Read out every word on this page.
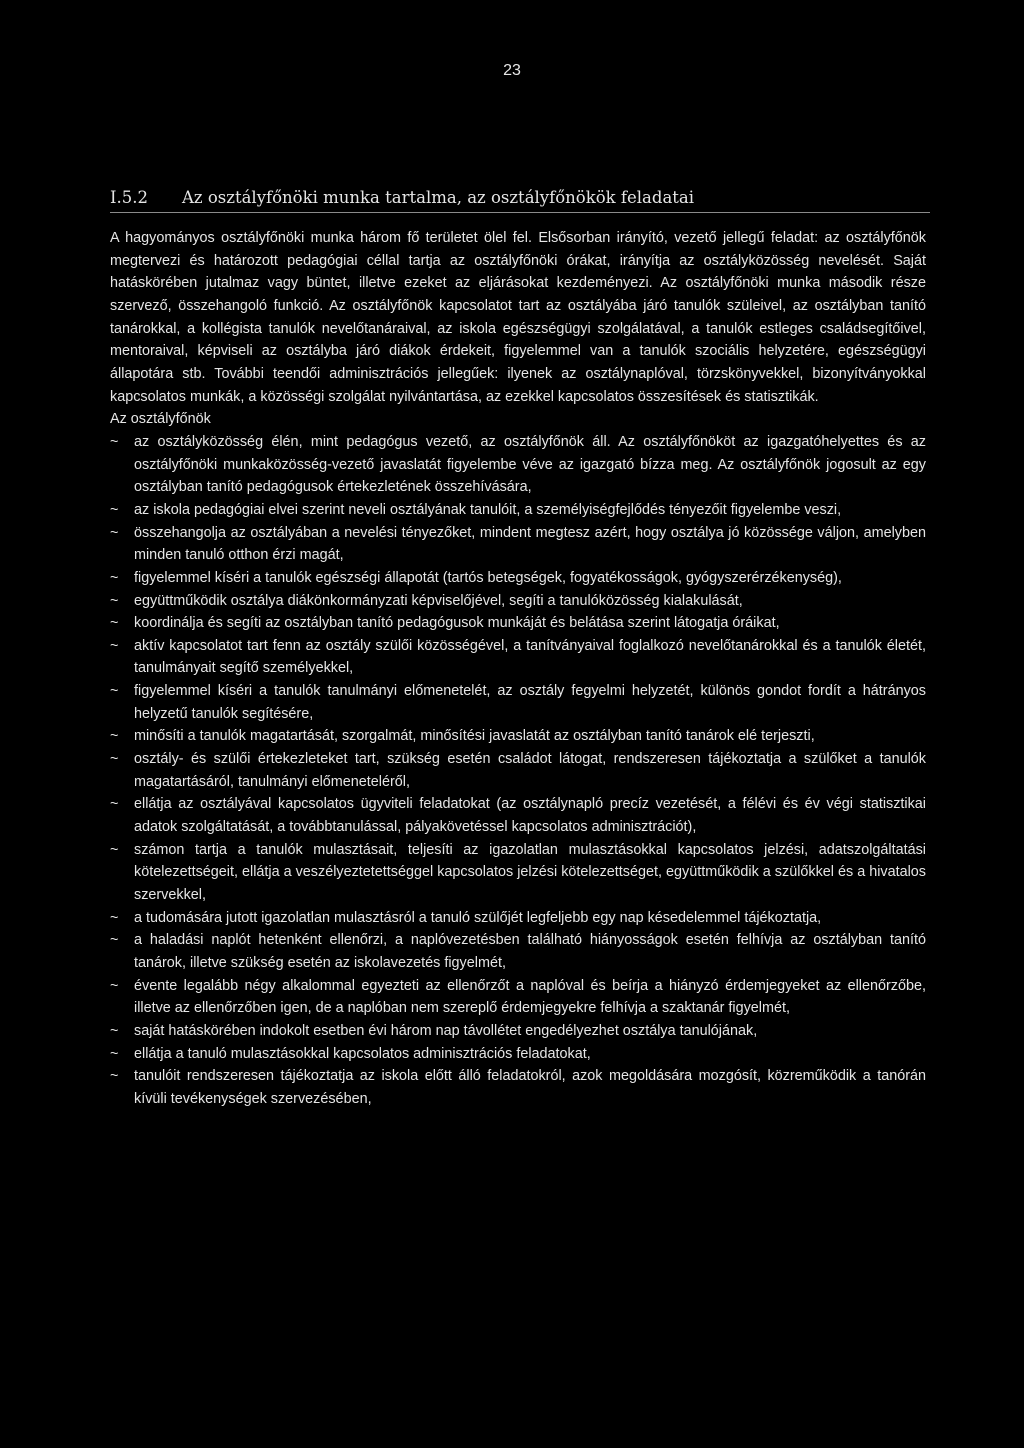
23
I.5.2 Az osztályfőnöki munka tartalma, az osztályfőnökök feladatai

A hagyományos osztályfőnöki munka három fő területet ölel fel. Elsősorban irányító, vezető jellegű feladat: az osztályfőnök megtervezi és határozott pedagógiai céllal tartja az osztályfőnöki órákat, irányítja az osztályközösség nevelését. Saját hatáskörében jutalmaz vagy büntet, illetve ezeket az eljárásokat kezdeményezi. Az osztályfőnöki munka második része szervező, összehangoló funkció. Az osztályfőnök kapcsolatot tart az osztályába járó tanulók szüleivel, az osztályban tanító tanárokkal, a kollégista tanulók nevelőtanáraival, az iskola egészségügyi szolgálatával, a tanulók estleges családsegítőivel, mentoraival, képviseli az osztályba járó diákok érdekeit, figyelemmel van a tanulók szociális helyzetére, egészségügyi állapotára stb. További teendői adminisztrációs jellegűek: ilyenek az osztálynaplóval, törzskönyvekkel, bizonyítványokkal kapcsolatos munkák, a közösségi szolgálat nyilvántartása, az ezekkel kapcsolatos összesítések és statisztikák.

Az osztályfőnök
~	az osztályközösség élén, mint pedagógus vezető, az osztályfőnök áll. Az osztályfőnököt az igazgatóhelyettes és az osztályfőnöki munkaközösség-vezető javaslatát figyelembe véve az igazgató bízza meg. Az osztályfőnök jogosult az egy osztályban tanító pedagógusok értekezletének összehívására,
~	az iskola pedagógiai elvei szerint neveli osztályának tanulóit, a személyiségfejlődés tényezőit figyelembe veszi,
~	összehangolja az osztályában a nevelési tényezőket, mindent megtesz azért, hogy osztálya jó közössége váljon, amelyben minden tanuló otthon érzi magát,
~	figyelemmel kíséri a tanulók egészségi állapotát (tartós betegségek, fogyatékosságok, gyógyszerérzékenység),
~	együttműködik osztálya diákönkormányzati képviselőjével, segíti a tanulóközösség kialakulását,
~	koordinálja és segíti az osztályban tanító pedagógusok munkáját és belátása szerint látogatja óráikat,
~	aktív kapcsolatot tart fenn az osztály szülői közösségével, a tanítványaival foglalkozó nevelőtanárokkal és a tanulók életét, tanulmányait segítő személyekkel,
~	figyelemmel kíséri a tanulók tanulmányi előmenetelét, az osztály fegyelmi helyzetét, különös gondot fordít a hátrányos helyzetű tanulók segítésére,
~	minősíti a tanulók magatartását, szorgalmát, minősítési javaslatát az osztályban tanító tanárok elé terjeszti,
~	osztály- és szülői értekezleteket tart, szükség esetén családot látogat, rendszeresen tájékoztatja a szülőket a tanulók magatartásáról, tanulmányi előmeneteléről,
~	ellátja az osztályával kapcsolatos ügyviteli feladatokat (az osztálynapló precíz vezetését, a félévi és év végi statisztikai adatok szolgáltatását, a továbbtanulással, pályakövetéssel kapcsolatos adminisztrációt),
~	számon tartja a tanulók mulasztásait, teljesíti az igazolatlan mulasztásokkal kapcsolatos jelzési, adatszolgáltatási kötelezettségeit, ellátja a veszélyeztetettséggel kapcsolatos jelzési kötelezettséget, együttműködik a szülőkkel és a hivatalos szervekkel,
~	a tudomására jutott igazolatlan mulasztásról a tanuló szülőjét legfeljebb egy nap késedelemmel tájékoztatja,
~	a haladási naplót hetenként ellenőrzi, a naplóvezetésben található hiányosságok esetén felhívja az osztályban tanító tanárok, illetve szükség esetén az iskolavezetés figyelmét,
~	évente legalább négy alkalommal egyezteti az ellenőrzőt a naplóval és beírja a hiányzó érdemjegyeket az ellenőrzőbe, illetve az ellenőrzőben igen, de a naplóban nem szereplő érdemjegyekre felhívja a szaktanár figyelmét,
~	saját hatáskörében indokolt esetben évi három nap távollétet engedélyezhet osztálya tanulójának,
~	ellátja a tanuló mulasztásokkal kapcsolatos adminisztrációs feladatokat,
~	tanulóit rendszeresen tájékoztatja az iskola előtt álló feladatokról, azok megoldására mozgósít, közreműködik a tanórán kívüli tevékenységek szervezésében,
